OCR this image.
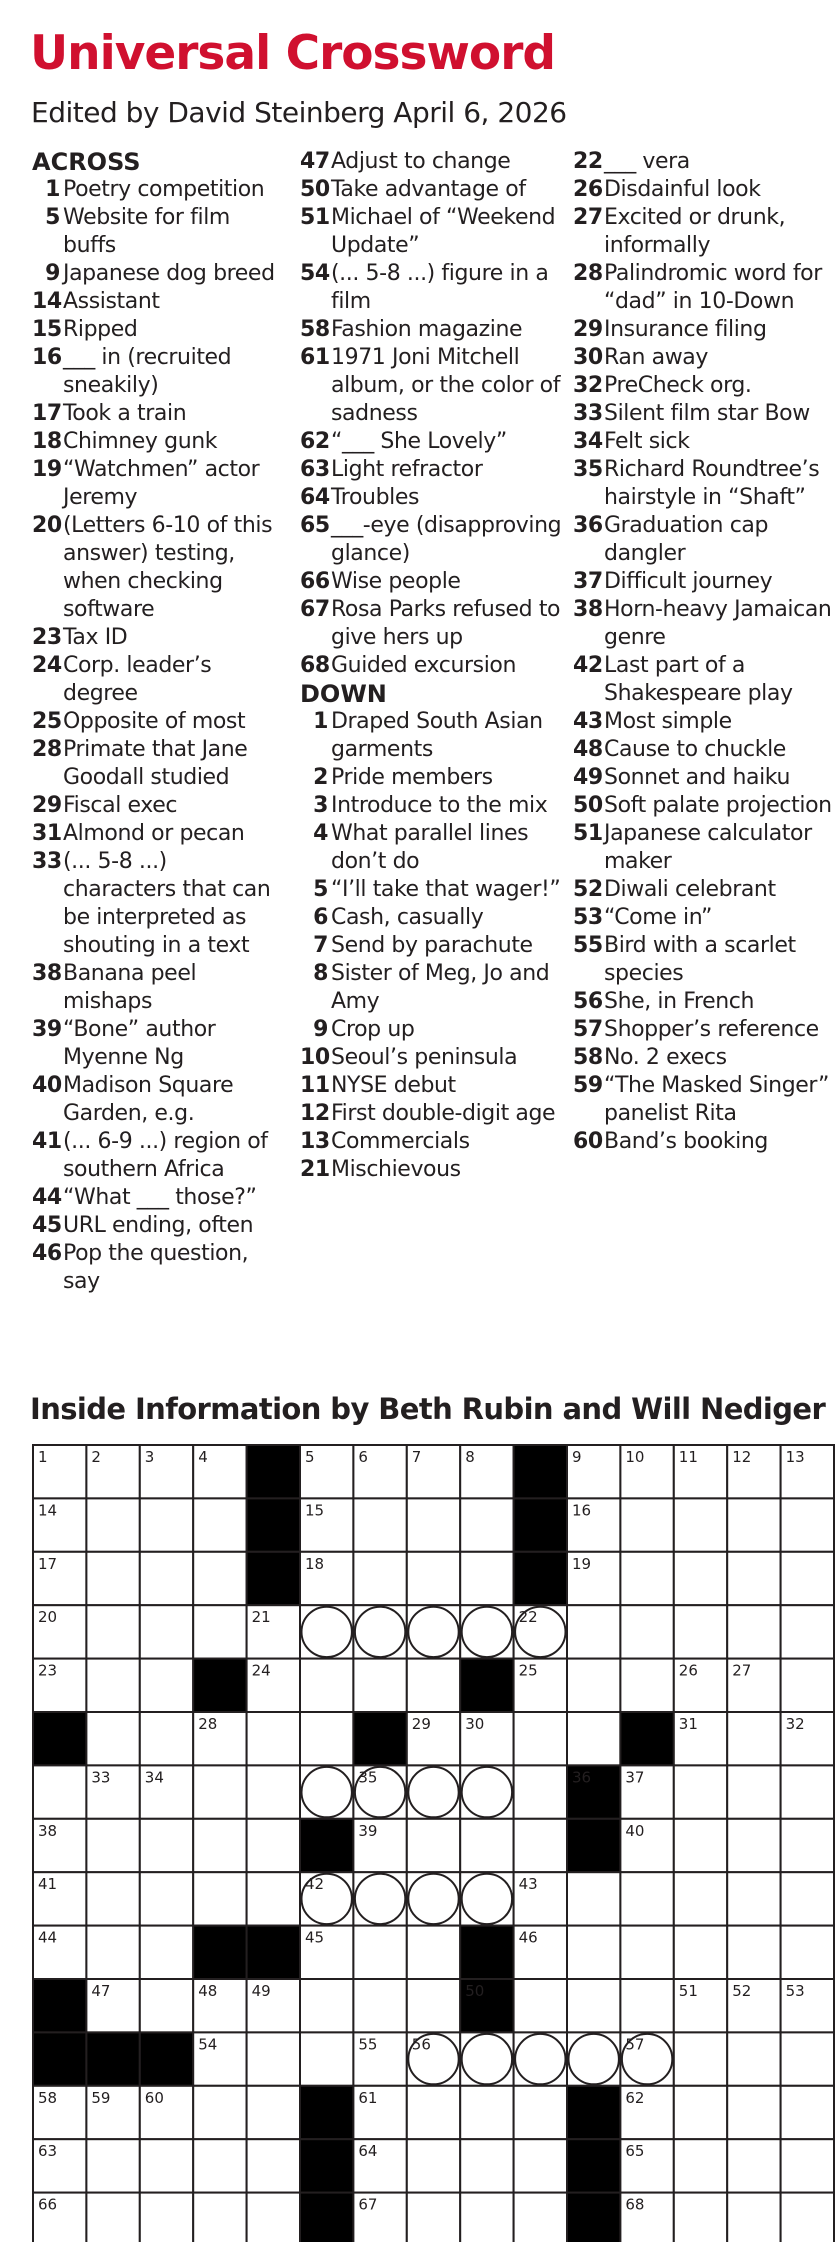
Universal Crossword
Edited by David Steinberg April 6, 2026
ACROSS
1 Poetry competition
5 Website for film buffs
9 Japanese dog breed
14 Assistant
15 Ripped
16 ___ in (recruited sneakily)
17 Took a train
18 Chimney gunk
19 “Watchmen” actor Jeremy
20 (Letters 6-10 of this answer) testing, when checking software
23 Tax ID
24 Corp. leader’s degree
25 Opposite of most
28 Primate that Jane Goodall studied
29 Fiscal exec
31 Almond or pecan
33 (... 5-8 ...) characters that can be interpreted as shouting in a text
38 Banana peel mishaps
39 “Bone” author Myenne Ng
40 Madison Square Garden, e.g.
41 (... 6-9 ...) region of southern Africa
44 “What ___ those?”
45 URL ending, often
46 Pop the question, say
47 Adjust to change
50 Take advantage of
51 Michael of “Weekend Update”
54 (... 5-8 ...) figure in a film
58 Fashion magazine
61 1971 Joni Mitchell album, or the color of sadness
62 “___ She Lovely”
63 Light refractor
64 Troubles
65 ___-eye (disapproving glance)
66 Wise people
67 Rosa Parks refused to give hers up
68 Guided excursion
DOWN
1 Draped South Asian garments
2 Pride members
3 Introduce to the mix
4 What parallel lines don’t do
5 “I’ll take that wager!”
6 Cash, casually
7 Send by parachute
8 Sister of Meg, Jo and Amy
9 Crop up
10 Seoul’s peninsula
11 NYSE debut
12 First double-digit age
13 Commercials
21 Mischievous
22 ___ vera
26 Disdainful look
27 Excited or drunk, informally
28 Palindromic word for “dad” in 10-Down
29 Insurance filing
30 Ran away
32 PreCheck org.
33 Silent film star Bow
34 Felt sick
35 Richard Roundtree’s hairstyle in “Shaft”
36 Graduation cap dangler
37 Difficult journey
38 Horn-heavy Jamaican genre
42 Last part of a Shakespeare play
43 Most simple
48 Cause to chuckle
49 Sonnet and haiku
50 Soft palate projection
51 Japanese calculator maker
52 Diwali celebrant
53 “Come in”
55 Bird with a scarlet species
56 She, in French
57 Shopper’s reference
58 No. 2 execs
59 “The Masked Singer” panelist Rita
60 Band’s booking
Inside Information by Beth Rubin and Will Nediger
1	2	3	4	5	6	7	8	9	10 11 12 13
14	15	16
17	18	19
20	21	22
23	24	25	26 27
28	29 30	31	32
33 34	35	36 37
38	39	40
41	42	43
44	45	46
47	48 49	50	51 52 53
54	55 56	57
58 59 60	61	62
63	64	65
66	67	68
